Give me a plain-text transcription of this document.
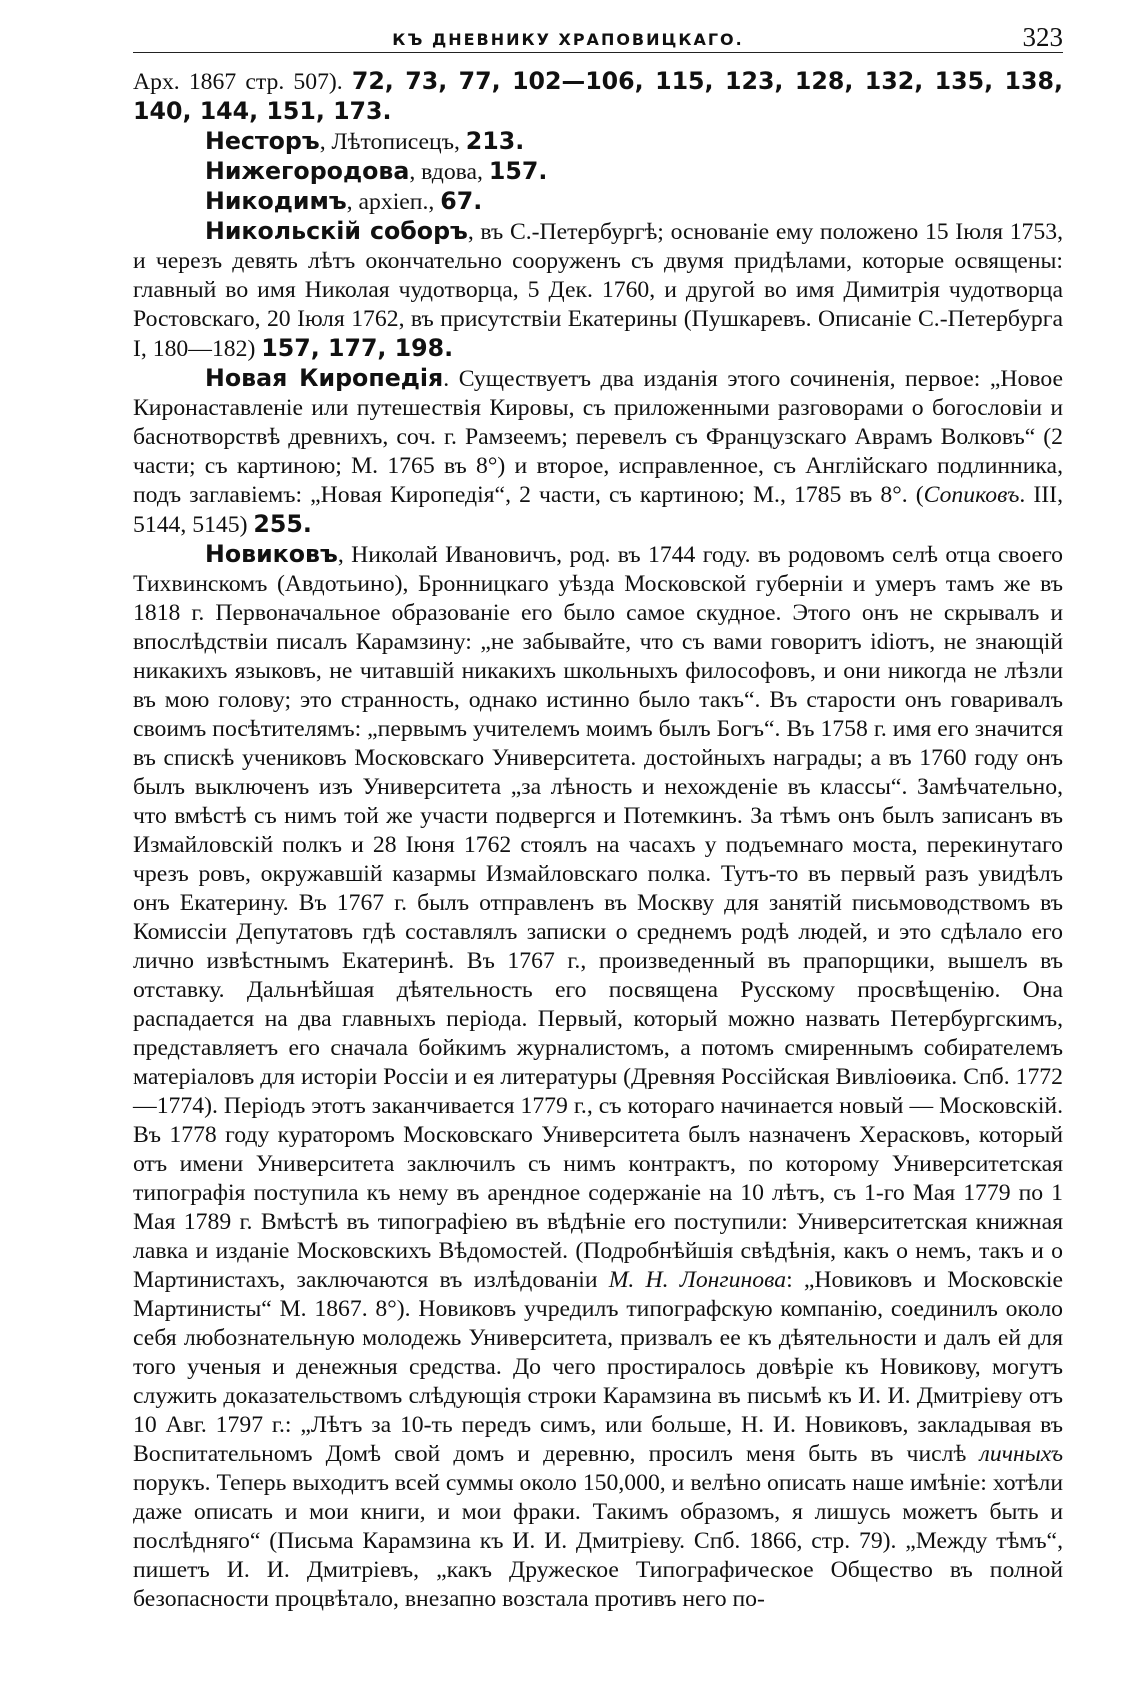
КЪ ДНЕВНИКУ ХРАПОВИЦКАГО.	323

Арх. 1867 стр. 507). 72, 73, 77, 102—106, 115, 123, 128, 132, 135, 138, 140, 144, 151, 173.

Несторъ, Лѣтописецъ, 213.

Нижегородова, вдова, 157.

Никодимъ, архіеп., 67.

Никольскій соборъ, въ С.-Петербургѣ; основаніе ему положено 15 Іюля 1753, и черезъ девять лѣтъ окончательно сооруженъ съ двумя придѣлами, которые освящены: главный во имя Николая чудотворца, 5 Дек. 1760, и другой во имя Димитрія чудотворца Ростовскаго, 20 Іюля 1762, въ присутствіи Екатерины (Пушкаревъ. Описаніе С.-Петербурга I, 180—182) 157, 177, 198.

Новая Киропедія. Существуетъ два изданія этого сочиненія, первое: „Новое Киронаставленіе или путешествія Кировы, съ приложенными разговорами о богословіи и баснотворствѣ древнихъ, соч. г. Рамзеемъ; перевелъ съ Французскаго Аврамъ Волковъ“ (2 части; съ картиною; М. 1765 въ 8°) и второе, исправленное, съ Англійскаго подлинника, подъ заглавіемъ: „Новая Киропедія“, 2 части, съ картиною; М., 1785 въ 8°. (Сопиковъ. III, 5144, 5145) 255.

Новиковъ, Николай Ивановичъ, род. въ 1744 году. въ родовомъ селѣ отца своего Тихвинскомъ (Авдотьино), Бронницкаго уѣзда Московской губерніи и умеръ тамъ же въ 1818 г. Первоначальное образованіе его было самое скудное. Этого онъ не скрывалъ и впослѣдствіи писалъ Карамзину: „не забывайте, что съ вами говоритъ idіотъ, не знающій никакихъ языковъ, не читавшій никакихъ школьныхъ философовъ, и они никогда не лѣзли въ мою голову; это странность, однако истинно было такъ“. Въ старости онъ говаривалъ своимъ посѣтителямъ: „первымъ учителемъ моимъ былъ Богъ“. Въ 1758 г. имя его значится въ спискѣ учениковъ Московскаго Университета. достойныхъ награды; а въ 1760 году онъ былъ выключенъ изъ Университета „за лѣность и нехожденіе въ классы“. Замѣчательно, что вмѣстѣ съ нимъ той же участи подвергся и Потемкинъ. За тѣмъ онъ былъ записанъ въ Измайловскій полкъ и 28 Іюня 1762 стоялъ на часахъ у подъемнаго моста, перекинутаго чрезъ ровъ, окружавшій казармы Измайловскаго полка. Тутъ-то въ первый разъ увидѣлъ онъ Екатерину. Въ 1767 г. былъ отправленъ въ Москву для занятій письмоводствомъ въ Комиссіи Депутатовъ гдѣ составлялъ записки о среднемъ родѣ людей, и это сдѣлало его лично извѣстнымъ Екатеринѣ. Въ 1767 г., произведенный въ прапорщики, вышелъ въ отставку. Дальнѣйшая дѣятельность его посвящена Русскому просвѣщенію. Она распадается на два главныхъ періода. Первый, который можно назвать Петербургскимъ, представляетъ его сначала бойкимъ журналистомъ, а потомъ смиреннымъ собирателемъ матеріаловъ для исторіи Россіи и ея литературы (Древняя Россійская Вивліоѳика. Спб. 1772—1774). Періодъ этотъ заканчивается 1779 г., съ котораго начинается новый — Московскій. Въ 1778 году кураторомъ Московскаго Университета былъ назначенъ Херасковъ, который отъ имени Университета заключилъ съ нимъ контрактъ, по которому Университетская типографія поступила къ нему въ арендное содержаніе на 10 лѣтъ, съ 1-го Мая 1779 по 1 Мая 1789 г. Вмѣстѣ въ типографіею въ вѣдѣніе его поступили: Университетская книжная лавка и изданіе Московскихъ Вѣдомостей. (Подробнѣйшія свѣдѣнія, какъ о немъ, такъ и о Мартинистахъ, заключаются въ излѣдованіи М. Н. Лонгинова: „Новиковъ и Московскіе Мартинисты“ М. 1867. 8°). Новиковъ учредилъ типографскую компанію, соединилъ около себя любознательную молодежь Университета, призвалъ ее къ дѣятельности и далъ ей для того ученыя и денежныя средства. До чего простиралось довѣріе къ Новикову, могутъ служить доказательствомъ слѣдующія строки Карамзина въ письмѣ къ И. И. Дмитріеву отъ 10 Авг. 1797 г.: „Лѣтъ за 10-ть передъ симъ, или больше, Н. И. Новиковъ, закладывая въ Воспитательномъ Домѣ свой домъ и деревню, просилъ меня быть въ числѣ личныхъ порукъ. Теперь выходитъ всей суммы около 150,000, и велѣно описать наше имѣніе: хотѣли даже описать и мои книги, и мои фраки. Такимъ образомъ, я лишусь можетъ быть и послѣдняго“ (Письма Карамзина къ И. И. Дмитріеву. Спб. 1866, стр. 79). „Между тѣмъ“, пишетъ И. И. Дмитріевъ, „какъ Дружеское Типографическое Общество въ полной безопасности процвѣтало, внезапно возстала противъ него по-
